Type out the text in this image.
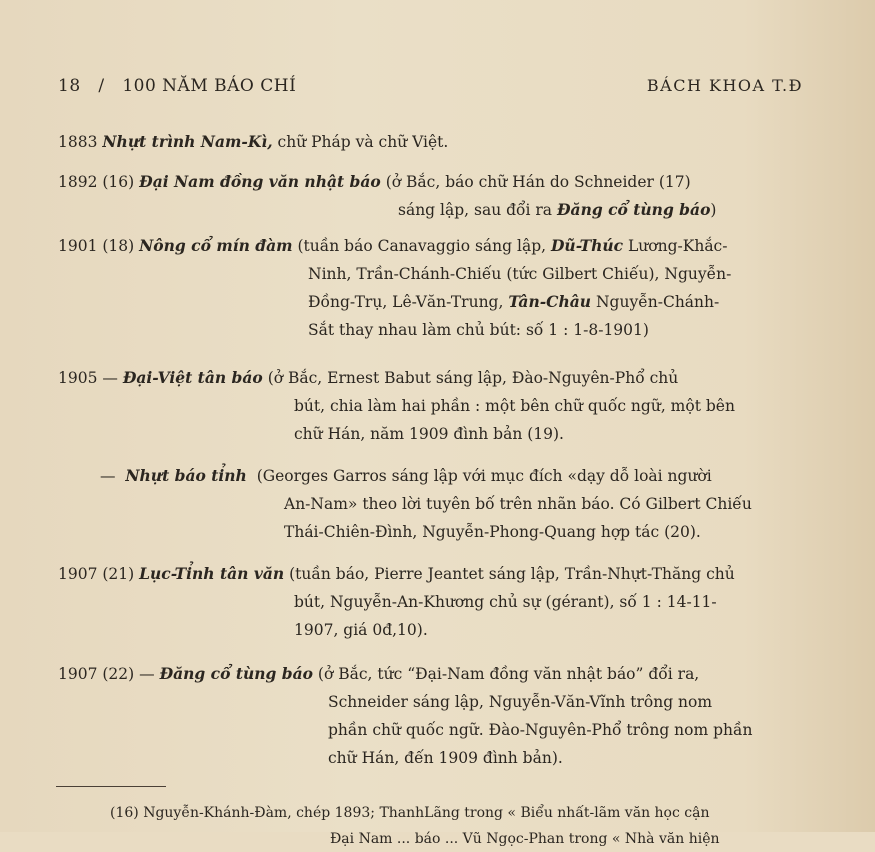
18 / 100 NĂM BÁO CHÍ	BÁCH KHOA T.Đ
1883 Nhựt trình Nam-Kì, chữ Pháp và chữ Việt.
1892 (16) Đại Nam đồng văn nhật báo (ở Bắc, báo chữ Hán do Schneider (17)
sáng lập, sau đổi ra Đăng cổ tùng báo)
1901 (18) Nông cổ mín đàm (tuần báo Canavaggio sáng lập, Dũ-Thúc Lương-Khắc-
Ninh, Trần-Chánh-Chiếu (tức Gilbert Chiếu), Nguyễn-
Đồng-Trụ, Lê-Văn-Trung, Tân-Châu Nguyễn-Chánh-
Sắt thay nhau làm chủ bút: số 1 : 1-8-1901)
1905 — Đại-Việt tân báo (ở Bắc, Ernest Babut sáng lập, Đào-Nguyên-Phổ chủ
bút, chia làm hai phần : một bên chữ quốc ngữ, một bên
chữ Hán, năm 1909 đình bản (19).
— Nhựt báo tỉnh (Georges Garros sáng lập với mục đích «dạy dỗ loài người
An-Nam» theo lời tuyên bố trên nhãn báo. Có Gilbert Chiếu
Thái-Chiên-Đình, Nguyễn-Phong-Quang hợp tác (20).
1907 (21) Lục-Tỉnh tân văn (tuần báo, Pierre Jeantet sáng lập, Trần-Nhựt-Thăng chủ
bút, Nguyễn-An-Khương chủ sự (gérant), số 1 : 14-11-
1907, giá 0đ,10).
1907 (22) — Đăng cổ tùng báo (ở Bắc, tức “Đại-Nam đồng văn nhật báo” đổi ra,
Schneider sáng lập, Nguyễn-Văn-Vĩnh trông nom
phần chữ quốc ngữ. Đào-Nguyên-Phổ trông nom phần
chữ Hán, đến 1909 đình bản).
(16) Nguyễn-Khánh-Đàm, chép 1893; ThanhLãng trong « Biểu nhất-lãm văn học cận
Đại Nam ... báo ... Vũ Ngọc-Phan trong « Nhà văn hiện
